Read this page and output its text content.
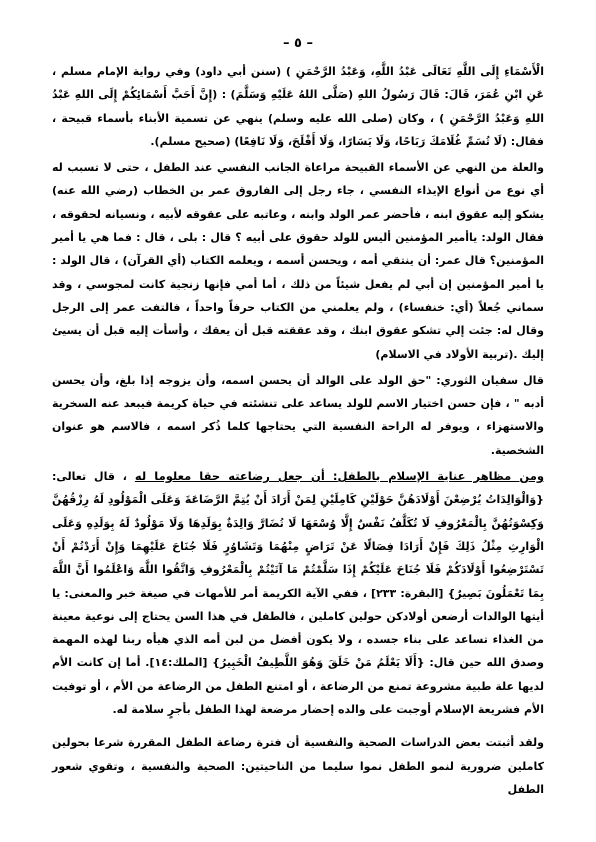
– ٥ –

الْأَسْمَاءِ إِلَى اللَّهِ تَعَالَى عَبْدُ اللَّهِ، وَعَبْدُ الرَّحْمَنِ ) (سنن أبي داود) وفي رواية الإمام مسلم ، عَنِ ابْنِ عُمَرَ، قَالَ: قَالَ رَسُولُ اللهِ (صَلَّى اللهُ عَلَيْهِ وَسَلَّمَ) : (إِنَّ أَحَبَّ أَسْمَائِكُمْ إِلَى اللهِ عَبْدُ اللهِ وَعَبْدُ الرَّحْمَنِ ) ، وكان (صلى الله عليه وسلم) ينهي عن تسمية الأبناء بأسماء قبيحة ، فقال: (لَا تُسَمِّ غُلَامَكَ رَبَاحًا، وَلَا يَسَارًا، وَلَا أَفْلَحَ، وَلَا نَافِعًا) (صحيح مسلم).

والعلة من النهي عن الأسماء القبيحة مراعاة الجانب النفسي عند الطفل ، حتى لا تسبب له أي نوع من أنواع الإيذاء النفسي ، جاء رجل إلى الفاروق عمر بن الخطاب (رضي الله عنه) يشكو إليه عقوق ابنه ، فأحضر عمر الولد وابنه ، وعاتبه على عقوقه لأبيه ، ونسيانه لحقوقه ، فقال الولد: ياأمير المؤمنين أليس للولد حقوق على أبيه ؟ قال : بلى ، قال : فما هي يا أمير المؤمنين؟ قال عمر: أن ينتقي أمه ، ويحسن أسمه ، ويعلمه الكتاب (أي القرآن) ، قال الولد : يا أمير المؤمنين إن أبي لم يفعل شيئاً من ذلك ، أما أمي فإنها زنجية كانت لمجوسي ، وقد سماني جُعلاً (أي: خنفساء) ، ولم يعلمني من الكتاب حرفاً واحداً ، فالتفت عمر إلى الرجل وقال له: جئت إلي تشكو عقوق ابنك ، وقد عققته قبل أن يعقك ، وأسأت إليه قبل أن يسيئ إليك .(تربية الأولاد في الاسلام)

قال سفيان الثوري: "حق الولد على الوالد أن يحسن اسمه، وأن يزوجه إذا بلغ، وأن يحسن أدبه " ، فإن حسن اختيار الاسم للولد يساعد على تنشئته في حياة كريمة فيبعد عنه السخرية والاستهزاء ، ويوفر له الراحة النفسية التي يحتاجها كلما ذُكر اسمه ، فالاسم هو عنوان الشخصية.

ومن مظاهر عناية الإسلام بالطفل: أن جعل رضاعته حقا معلوما له ، قال تعالى: {وَالْوَالِدَاتُ يُرْضِعْنَ أَوْلَادَهُنَّ حَوْلَيْنِ كَامِلَيْنِ لِمَنْ أَرَادَ أَنْ يُتِمَّ الرَّضَاعَةَ وَعَلَى الْمَوْلُودِ لَهُ رِزْقُهُنَّ وَكِسْوَتُهُنَّ بِالْمَعْرُوفِ لَا تُكَلَّفُ نَفْسٌ إِلَّا وُسْعَهَا لَا تُضَارَّ وَالِدَةٌ بِوَلَدِهَا وَلَا مَوْلُودٌ لَهُ بِوَلَدِهِ وَعَلَى الْوَارِثِ مِثْلُ ذَلِكَ فَإِنْ أَرَادَا فِصَالًا عَنْ تَرَاضٍ مِنْهُمَا وَتَشَاوُرٍ فَلَا جُنَاحَ عَلَيْهِمَا وَإِنْ أَرَدْتُمْ أَنْ تَسْتَرْضِعُوا أَوْلَادَكُمْ فَلَا جُنَاحَ عَلَيْكُمْ إِذَا سَلَّمْتُمْ مَا آتَيْتُمْ بِالْمَعْرُوفِ وَاتَّقُوا اللَّهَ وَاعْلَمُوا أَنَّ اللَّهَ بِمَا تَعْمَلُونَ بَصِيرٌ} [البقرة: ٢٣٣] ، ففي الآية الكريمة أمر للأمهات في صيغة خبر والمعنى: يا أيتها الوالدات أرضعن أولادكن حولين كاملين ، فالطفل في هذا السن يحتاج إلى نوعية معينة من الغذاء تساعد على بناء جسده ، ولا يكون أفضل من لبن أمه الذي هيأه ربنا لهذه المهمة وصدق الله حين قال: {أَلَا يَعْلَمُ مَنْ خَلَقَ وَهُوَ اللَّطِيفُ الْخَبِيرُ} [الملك:١٤]. أما إن كانت الأم لديها علة طبية مشروعة تمنع من الرضاعة ، أو امتنع الطفل من الرضاعة من الأم ، أو توفيت الأم فشريعة الإسلام أوجبت على والده إحضار مرضعة لهذا الطفل بأجرٍ سلامة له.

ولقد أثبتت بعض الدراسات الصحية والنفسية أن فترة رضاعة الطفل المقررة شرعا بحولين كاملين ضرورية لنمو الطفل نموا سليما من الناحيتين: الصحية والنفسية ، وتقوي شعور الطفل
